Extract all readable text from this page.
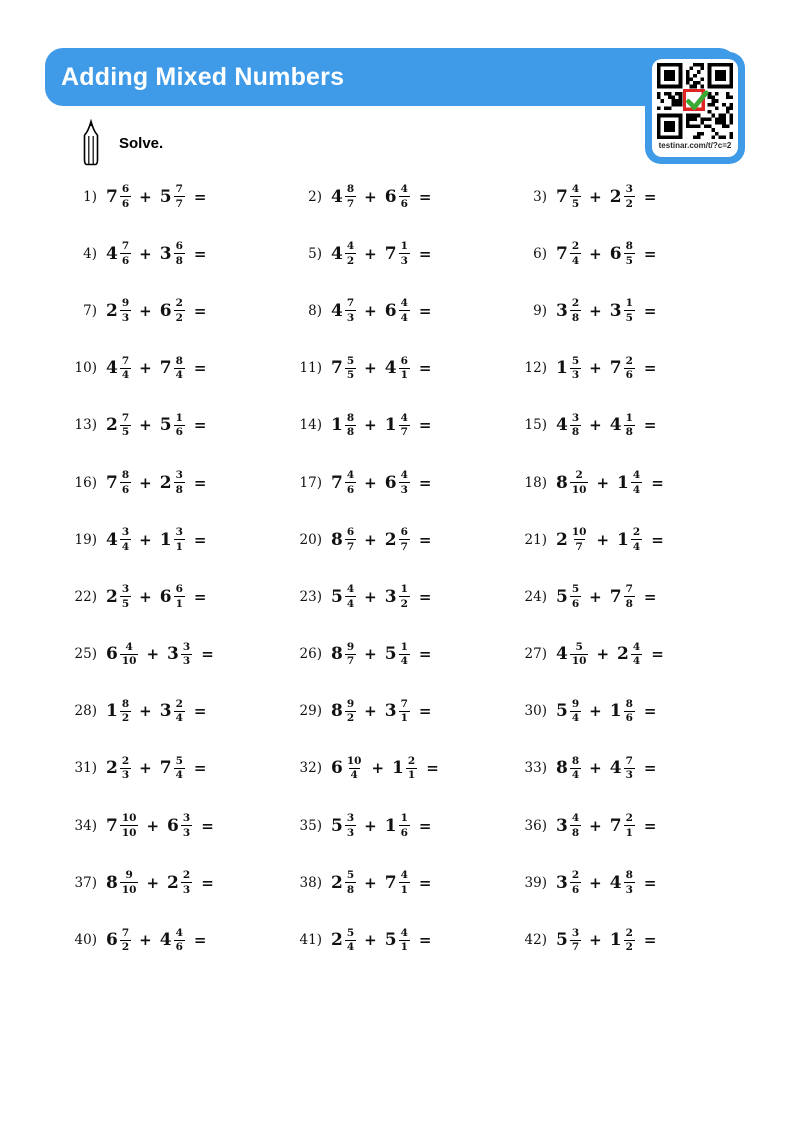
Adding Mixed Numbers
testinar.com/t/?c=2
Solve.
1) $7 \frac{6}{6} + 5 \frac{7}{7}$ =	2) $4 \frac{8}{7} + 6 \frac{4}{6}$ =	3) $7 \frac{4}{5} + 2 \frac{3}{2}$ =
4) $4 \frac{7}{6} + 3 \frac{6}{8}$ =	5) $4 \frac{4}{2} + 7 \frac{1}{3}$ =	6) $7 \frac{2}{4} + 6 \frac{8}{5}$ =
7) $2 \frac{9}{3} + 6 \frac{2}{2}$ =	8) $4 \frac{7}{3} + 6 \frac{4}{4}$ =	9) $3 \frac{2}{8} + 3 \frac{1}{5}$ =
10) $4 \frac{7}{4} + 7 \frac{8}{4}$ =	11) $7 \frac{5}{5} + 4 \frac{6}{1}$ =	12) $1 \frac{5}{3} + 7 \frac{2}{6}$ =
13) $2 \frac{7}{5} + 5 \frac{1}{6}$ =	14) $1 \frac{8}{8} + 1 \frac{4}{7}$ =	15) $4 \frac{3}{8} + 4 \frac{1}{8}$ =
16) $7 \frac{8}{6} + 2 \frac{3}{8}$ =	17) $7 \frac{4}{6} + 6 \frac{4}{3}$ =	18) $8 \frac{2}{10} + 1 \frac{4}{4}$ =
19) $4 \frac{3}{4} + 1 \frac{3}{1}$ =	20) $8 \frac{6}{7} + 2 \frac{6}{7}$ =	21) $2 \frac{10}{7} + 1 \frac{2}{4}$ =
22) $2 \frac{3}{5} + 6 \frac{6}{1}$ =	23) $5 \frac{4}{4} + 3 \frac{1}{2}$ =	24) $5 \frac{5}{6} + 7 \frac{7}{8}$ =
25) $6 \frac{4}{10} + 3 \frac{3}{3}$ =	26) $8 \frac{9}{7} + 5 \frac{1}{4}$ =	27) $4 \frac{5}{10} + 2 \frac{4}{4}$ =
28) $1 \frac{8}{2} + 3 \frac{2}{4}$ =	29) $8 \frac{9}{2} + 3 \frac{7}{1}$ =	30) $5 \frac{9}{4} + 1 \frac{8}{6}$ =
31) $2 \frac{2}{3} + 7 \frac{5}{4}$ =	32) $6 \frac{10}{4} + 1 \frac{2}{1}$ =	33) $8 \frac{8}{4} + 4 \frac{7}{3}$ =
34) $7 \frac{10}{10} + 6 \frac{3}{3}$ =	35) $5 \frac{3}{3} + 1 \frac{1}{6}$ =	36) $3 \frac{4}{8} + 7 \frac{2}{1}$ =
37) $8 \frac{9}{10} + 2 \frac{2}{3}$ =	38) $2 \frac{5}{8} + 7 \frac{4}{1}$ =	39) $3 \frac{2}{6} + 4 \frac{8}{3}$ =
40) $6 \frac{7}{2} + 4 \frac{4}{6}$ =	41) $2 \frac{5}{4} + 5 \frac{4}{1}$ =	42) $5 \frac{3}{7} + 1 \frac{2}{2}$ =
